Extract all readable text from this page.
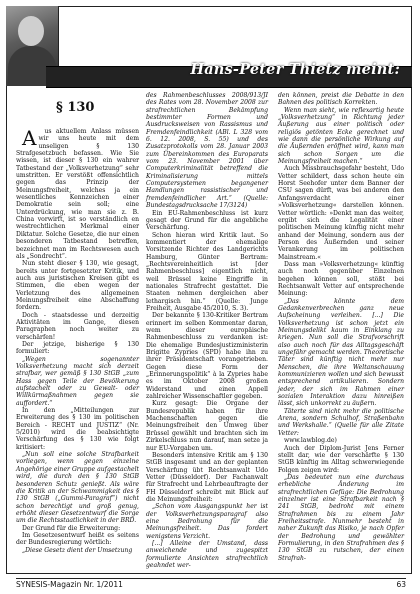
Hans-Peter Thietz meint:
§ 130

Aus aktuellem Anlass müssen wir uns heute mit dem unseligen § 130 Strafgesetzbuch befassen. Wie Sie wissen, ist dieser § 130 ein wahrer Tatbestand der „Volksverhetzung“ sehr umstritten. Er verstößt offensichtlich gegen das Prinzip der Meinungsfreiheit, welches ja ein wesentliches Kennzeichen einer Demokratie sein soll; eine Unterdrückung, wie man sie z. B. China vorwirft, ist so verständlich en westrechtlichen Merkmal einer Diktatur. Solche Gesetze, die nur einen besonderen Tatbestand betreffen, bezeichnet man im Rechtswesen auch als „Sondrecht“.

Nun steht dieser § 130, wie gesagt, bereits unter fortgesetzter Kritik, und auch aus juristischen Kreisen gibt es Stimmen, die eben wegen der Verletzung des allgemeinen Meinungsfreiheit eine Abschaffung fordern.

Doch - staatsdesse und derzeitig Aktivitäten im Gange, diesen Paragraphen noch weiter zu verschärfen!

Der jetzige, bisherige § 130 formuliert:

„Wegen sogenannter Volksverhetzung macht sich derzeit strafbar, wer gemäß § 130 StGB „zum Hass gegen Teile der Bevölkerung aufstachelt oder zu Gewalt- oder Willkürmaßnahmen gegen sie auffordert.“

In den „Mitteilungen zur Erweiterung des § 130 im politischen Bereich - RECHT und JUSTIZ“ (Nr. 5/2010) wird die beabsichtigte Verschärfung des § 130 wie folgt kritisiert:

„Nun soll eine solche Strafbarkeit vorliegen, wenn gegen einzelne Angehörige einer Gruppe aufgestachelt wird, die durch den § 130 StGB besonderen Schutz genießt. Als wäre die Kritik an der Schwammigkeit des § 130 StGB („Gummi-Paragraf“) nicht schon berechtigt und groß genug, erhöht dieser Gesetzentwurf die Sorge um die Rechtsstaatlichkeit in der BRD.

Der Grund für die Erweiterung:

Im Gesetzesentwurf heißt es seitens der Bundesregierung wörtlich:

„Diese Gesetz dient der Umsetzung

des Rahmenbeschlusses 2008/913/JI des Rates vom 28. November 2008 zur strafrechtlichen Bekämpfung bestimmter Formen und Ausdrucksweisen von Rassismus und Fremdenfeindlichkeit (ABl. L 328 vom 6. 12. 2008, S. 55) und des Zusatzprotokolls vom 28. Januar 2003 zum Übereinkommen des Europarats vom 23. November 2001 über Computerkriminalität betreffend die Kriminalisierung mittels Computersystemen begangener Handlungen rassistischer und fremdenfeindlicher Art.“ (Quelle: Bundestagsdrucksache 17/3124)

Ein EU-Rahmenbeschluss ist kurz gesagt der Grund für die angebliche Verschärfung.

Schon hieran wird Kritik laut. So kommentiert der ehemalige Vorsitzende Richter des Landgerichts Hamburg, Günter Bertram: „Rechtsvereinheitlich ist [der Rahmenbeschluss] eigentlich nicht, weil Brüssel keine Eingriffe in nationales Strafrecht gestattet. Die Staaten nehmen dergleichen aber lethargisch hin.“ (Quelle: Junge Freiheit, Ausgabe 45/2010, S. 3).

Der bekannte § 130-Kritiker Bertram erinnert im selben Kommentar daran, wem dieser europäische Rahmenbeschluss zu verdanken ist: Die ehemalige Bundesjustizministerin Brigitte Zypries (SPD) habe ihn zu ihrer Präsidentschaft vorangetrieben. Gegen diese Form der „Erinnerungspolitik“ à la Zypries habe es im Oktober 2008 großen Widerstand und einen Appell zahlreicher Wissenschaftler gegeben.

Kurz gesagt: Die Organe der Bundesrepublik haben für ihre Machenschaften gegen die Meinungsfreiheit den Umweg über Brüssel gewählt und brachten sich im Zirkelschluss nun darauf, man setze ja nur EU-Vorgaben um.

Besonders intensive Kritik am § 130 StGB insgesamt und an der geplanten Verschärfung übt Rechtsanwalt Udo Vetter (Düsseldorf). Der Fachanwalt für Strafrecht und Lehrbeauftragte der FH Düsseldorf schreibt mit Blick auf die Meinungsfreiheit:

„Schon vom Ausgangspunkt her ist der Volksverhetzungsparagraf also eine Bedrohung für die Meinungsfreiheit. Das fordert wenigstens Verzicht.

[...] Alleine der Umstand, dass anweichende und zugespitzt formulierte Ansichten strafrechtlich geahndet wer-

den können, preist die Debatte in den Bahnen des politisch Korrekten.

Wenn man sieht, wie reflexartig heute „Volksverhetzung“ in Richtung jeder Äußerung aus einer politisch oder religiös getönten Ecke gerechnet und wie dann die persönliche Wirkung auf die Äußernden eröffnet wird, kann man sich schon Sorgen um die Meinungsfreiheit machen.“

Auch Missbrauchsgefahr besteht, Udo Vetter schildert, dass schon heute ein Horst Seehofer unter dem Banner der CSU sagen dürft, was bei anderen den Anfangsverdacht einer »Volksverhetzung« darstellen können. Vetter wörtlich: »Denkt man das weiter, ergibt sich die Legalität einer politischen Meinung künftig nicht mehr anhand der Meinung, sondern aus der Person des Äußernden und seiner Verankerung im politischen Mainstream.«

Dass man »Volksverhetzung« künftig auch noch gegenüber Einzelnen begehen können soll, stößt bei Rechtsanwalt Vetter auf entsprechende Meinung:

„Das könnte dem Gedankenverbrechen ganz neue Aufscheinung verleihen. [...] Die Volksverhetzung ist schon jetzt ein Meinungsdelikt kaum in Einklang zu kriegen. Nun soll die Strafvorschrift also auch noch für das Alltagsgeschäft ungefähr gemacht werden. Theoretische Täter sind künftig nicht mehr nur Menschen, die ihre Weltanschauung kommunizieren wollen und sich bewusst entsprechend artikulieren. Sondern jeder, der sich im Rahmen einer sozialen Interaktion dazu hinreißen lässt, sich unkorrekt zu äußern.

Täterte sind nicht mehr die politische Arena, sondern Schulhof, Straßenbahn und Werkshalle.“ (Quelle für alle Zitate Vetter:

www.lawblog.de)

Auch der Diplom-Jurist Jens Ferner stellt dar, wie der verschärfte § 130 StGB künftig im Alltag schwerwiegende Folgen zeigen wird:

„Das bedeutet nun eine durchaus erhebliche Änderung im strafrechtlichen Gefüge: Die Bedrohung einzelner ist eine Strafbarkeit nach § 241 StGB, bedroht mit einem Strafrahmen bis zu einem Jahr Freiheitsstrafe. Nunmehr besteht in naher Zukunft das Risiko, je nach Opfer der Bedrohung und gewählter Formulierung, in den Strafrahmen des § 130 StGB zu rutschen, der einen Strafrah-

SYNESIS-Magazin Nr. 1/2011	63
